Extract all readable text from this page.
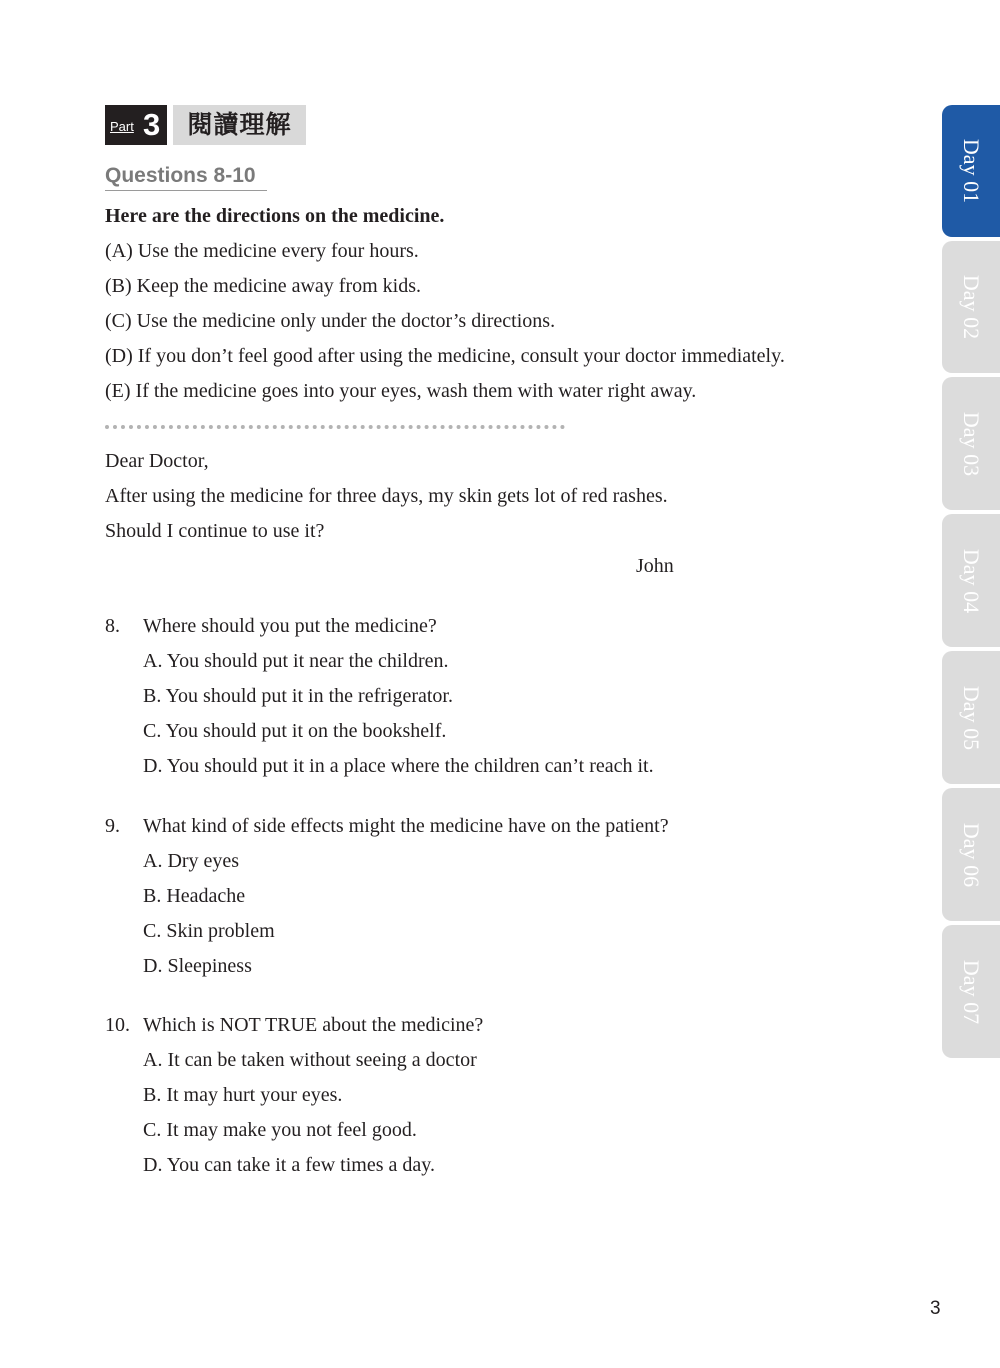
Part 3	閱讀理解
Questions 8-10
Here are the directions on the medicine.
(A) Use the medicine every four hours.
(B) Keep the medicine away from kids.
(C) Use the medicine only under the doctor’s directions.
(D) If you don’t feel good after using the medicine, consult your doctor immediately.
(E) If the medicine goes into your eyes, wash them with water right away.
Dear Doctor,
After using the medicine for three days, my skin gets lot of red rashes.
Should I continue to use it?
John
8. Where should you put the medicine?
A. You should put it near the children.
B. You should put it in the refrigerator.
C. You should put it on the bookshelf.
D. You should put it in a place where the children can’t reach it.
9. What kind of side effects might the medicine have on the patient?
A. Dry eyes
B. Headache
C. Skin problem
D. Sleepiness
10. Which is NOT TRUE about the medicine?
A. It can be taken without seeing a doctor
B. It may hurt your eyes.
C. It may make you not feel good.
D. You can take it a few times a day.
Day 01
Day 02
Day 03
Day 04
Day 05
Day 06
Day 07
3
